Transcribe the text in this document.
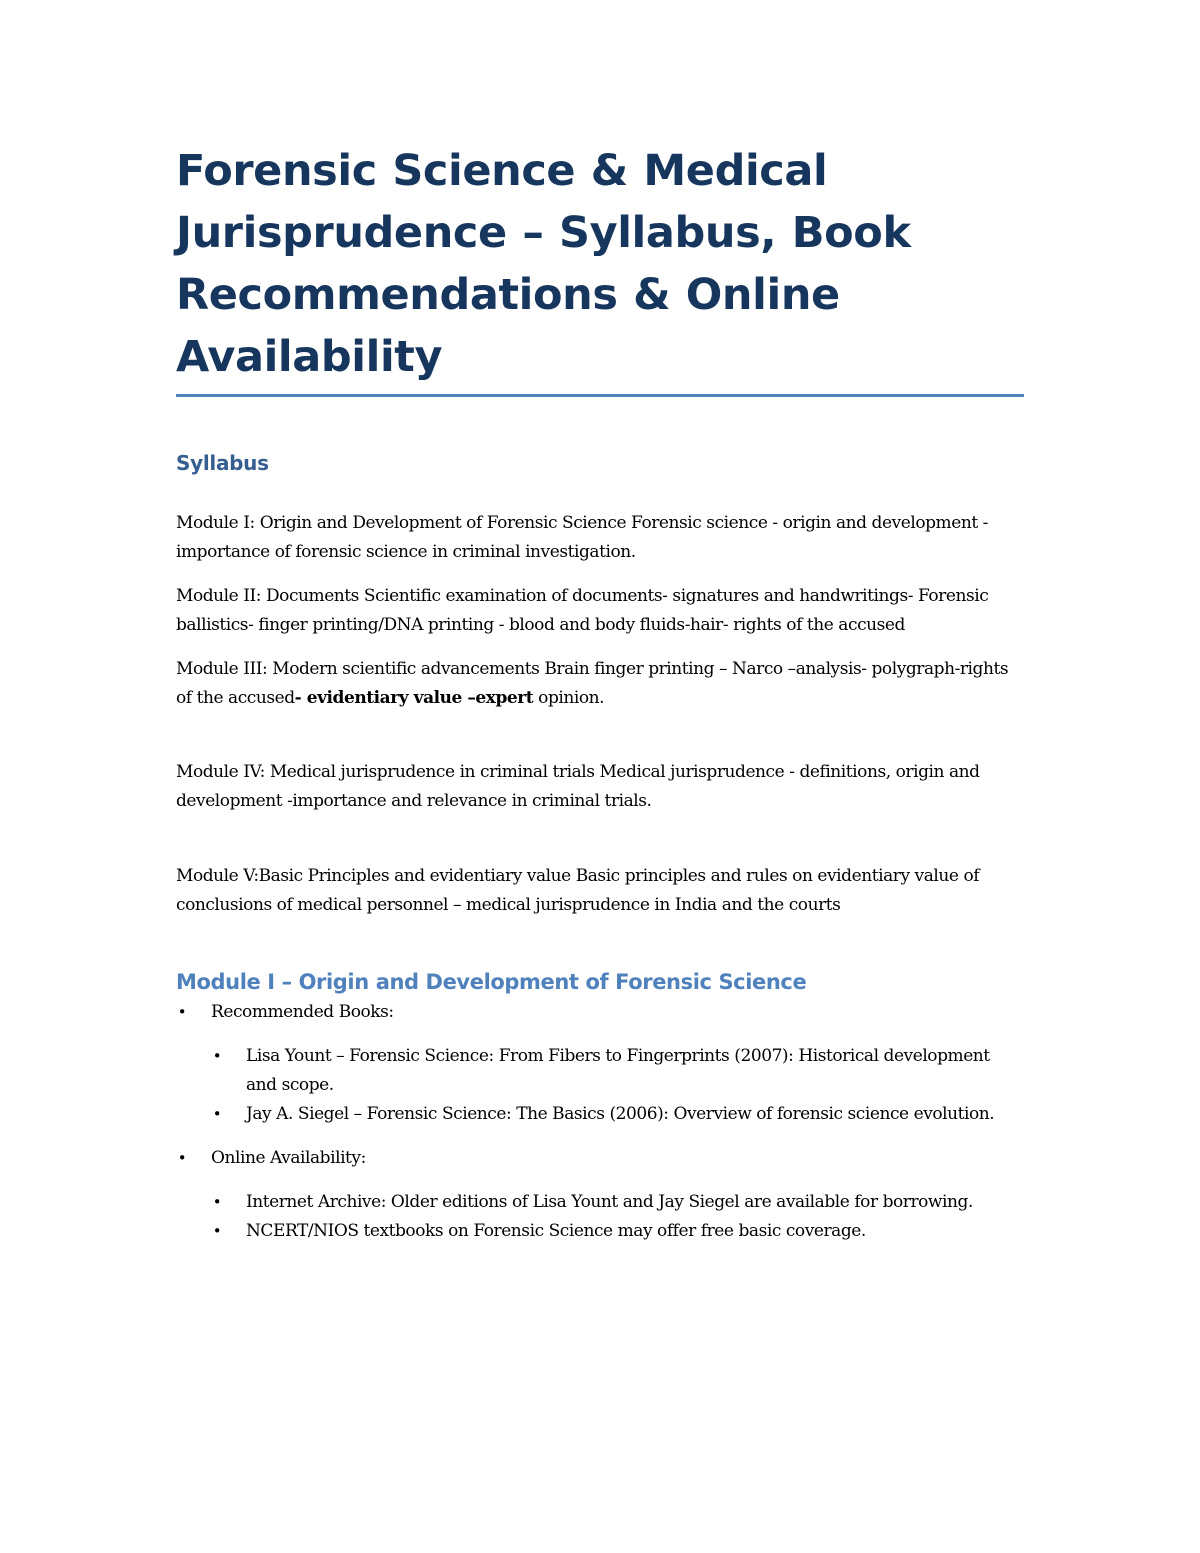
Forensic Science & Medical Jurisprudence – Syllabus, Book Recommendations & Online Availability
Syllabus

Module I: Origin and Development of Forensic Science Forensic science - origin and development - importance of forensic science in criminal investigation.

Module II: Documents Scientific examination of documents- signatures and handwritings- Forensic ballistics- finger printing/DNA printing - blood and body fluids-hair- rights of the accused

Module III: Modern scientific advancements Brain finger printing – Narco –analysis- polygraph-rights of the accused- evidentiary value –expert opinion.

Module IV: Medical jurisprudence in criminal trials Medical jurisprudence - definitions, origin and development -importance and relevance in criminal trials.

Module V:Basic Principles and evidentiary value Basic principles and rules on evidentiary value of conclusions of medical personnel – medical jurisprudence in India and the courts

Module I – Origin and Development of Forensic Science
• Recommended Books:
• Lisa Yount – Forensic Science: From Fibers to Fingerprints (2007): Historical development and scope.
• Jay A. Siegel – Forensic Science: The Basics (2006): Overview of forensic science evolution.
• Online Availability:
• Internet Archive: Older editions of Lisa Yount and Jay Siegel are available for borrowing.
• NCERT/NIOS textbooks on Forensic Science may offer free basic coverage.
